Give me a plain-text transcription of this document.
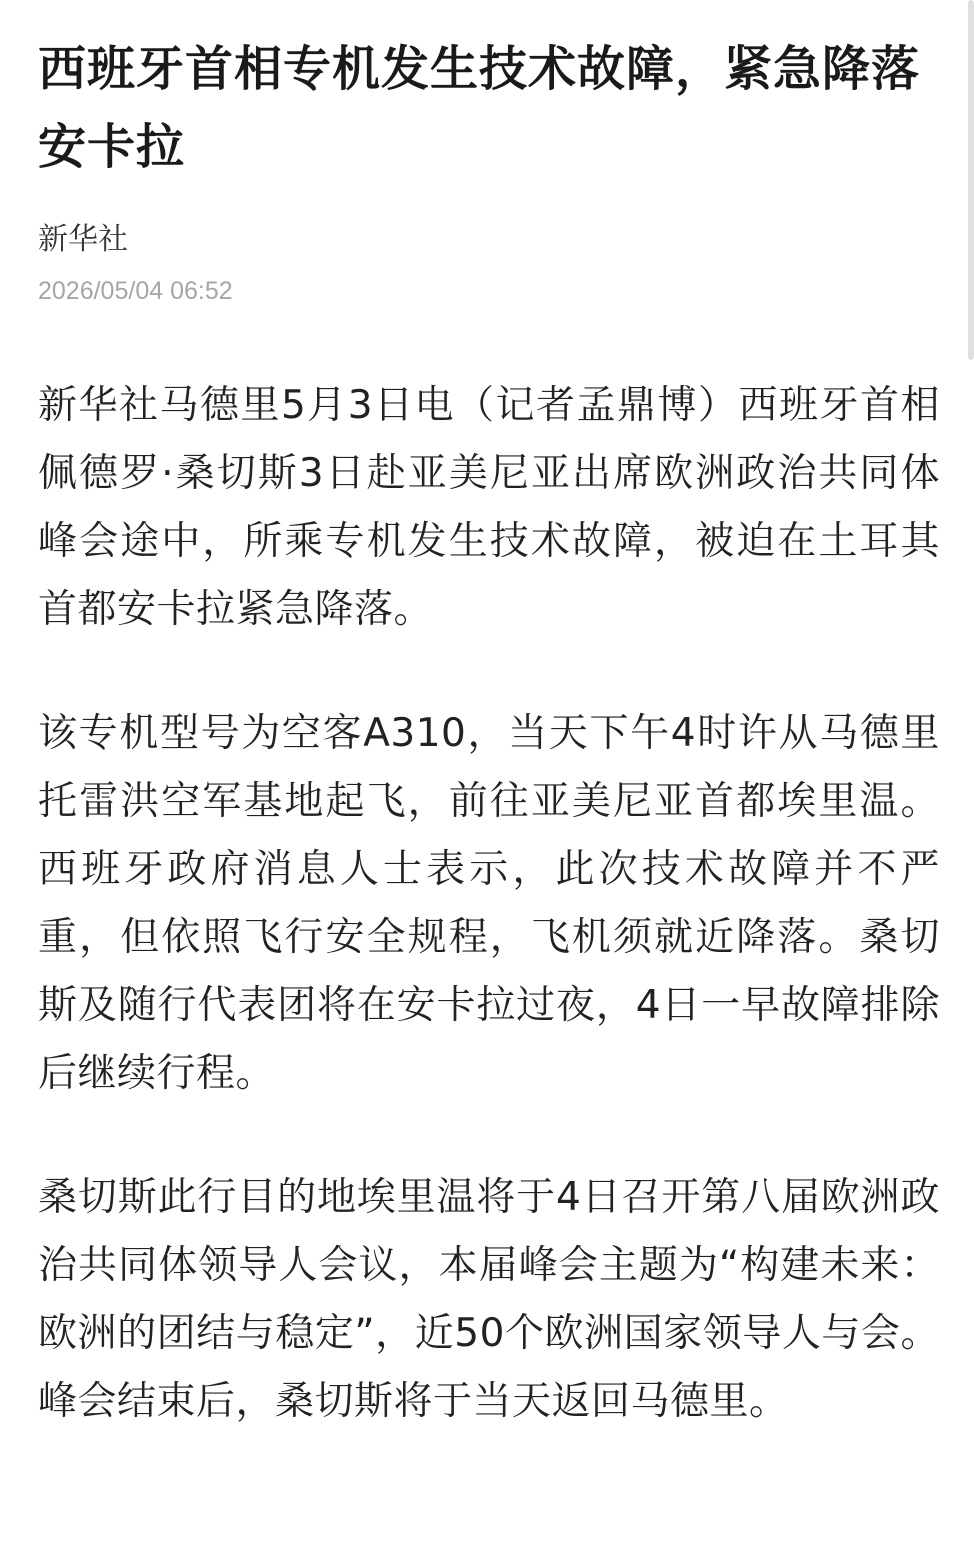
西班牙首相专机发生技术故障，紧急降落安卡拉
新华社
2026/05/04 06:52

新华社马德里5月3日电（记者孟鼎博）西班牙首相佩德罗·桑切斯3日赴亚美尼亚出席欧洲政治共同体峰会途中，所乘专机发生技术故障，被迫在土耳其首都安卡拉紧急降落。

该专机型号为空客A310，当天下午4时许从马德里托雷洪空军基地起飞，前往亚美尼亚首都埃里温。西班牙政府消息人士表示，此次技术故障并不严重，但依照飞行安全规程，飞机须就近降落。桑切斯及随行代表团将在安卡拉过夜，4日一早故障排除后继续行程。

桑切斯此行目的地埃里温将于4日召开第八届欧洲政治共同体领导人会议，本届峰会主题为“构建未来：欧洲的团结与稳定”，近50个欧洲国家领导人与会。峰会结束后，桑切斯将于当天返回马德里。
